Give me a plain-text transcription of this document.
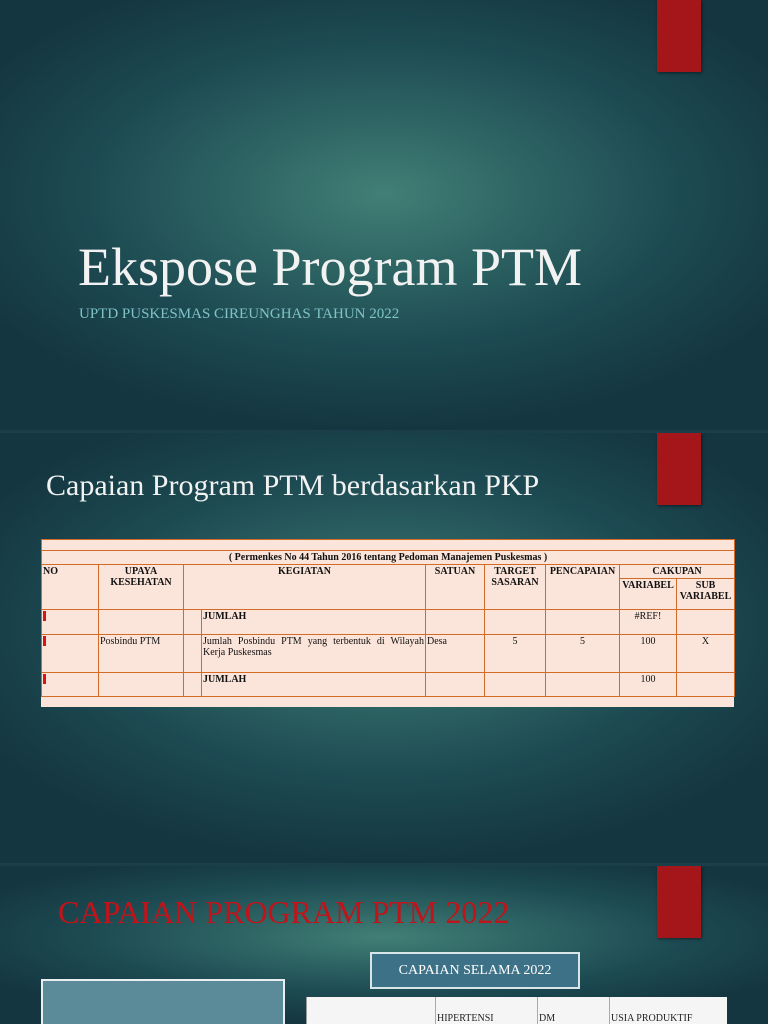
Ekspose Program PTM
UPTD PUSKESMAS CIREUNGHAS TAHUN 2022
Capaian Program PTM berdasarkan PKP

( Permenkes No 44 Tahun 2016 tentang Pedoman Manajemen Puskesmas )								
NO	UPAYA KESEHATAN	KEGIATAN		SATUAN	TARGET SASARAN	PENCAPAIAN	CAKUPAN	
							VARIABEL	SUB VARIABEL
			JUMLAH				#REF!	
	Posbindu PTM		Jumlah Posbindu PTM yang terbentuk di Wilayah Kerja Puskesmas	Desa	5	5	100	X
			JUMLAH				100	
CAPAIAN PROGRAM PTM 2022
CAPAIAN SELAMA 2022
HIPERTENSI	DM	USIA PRODUKTIF
